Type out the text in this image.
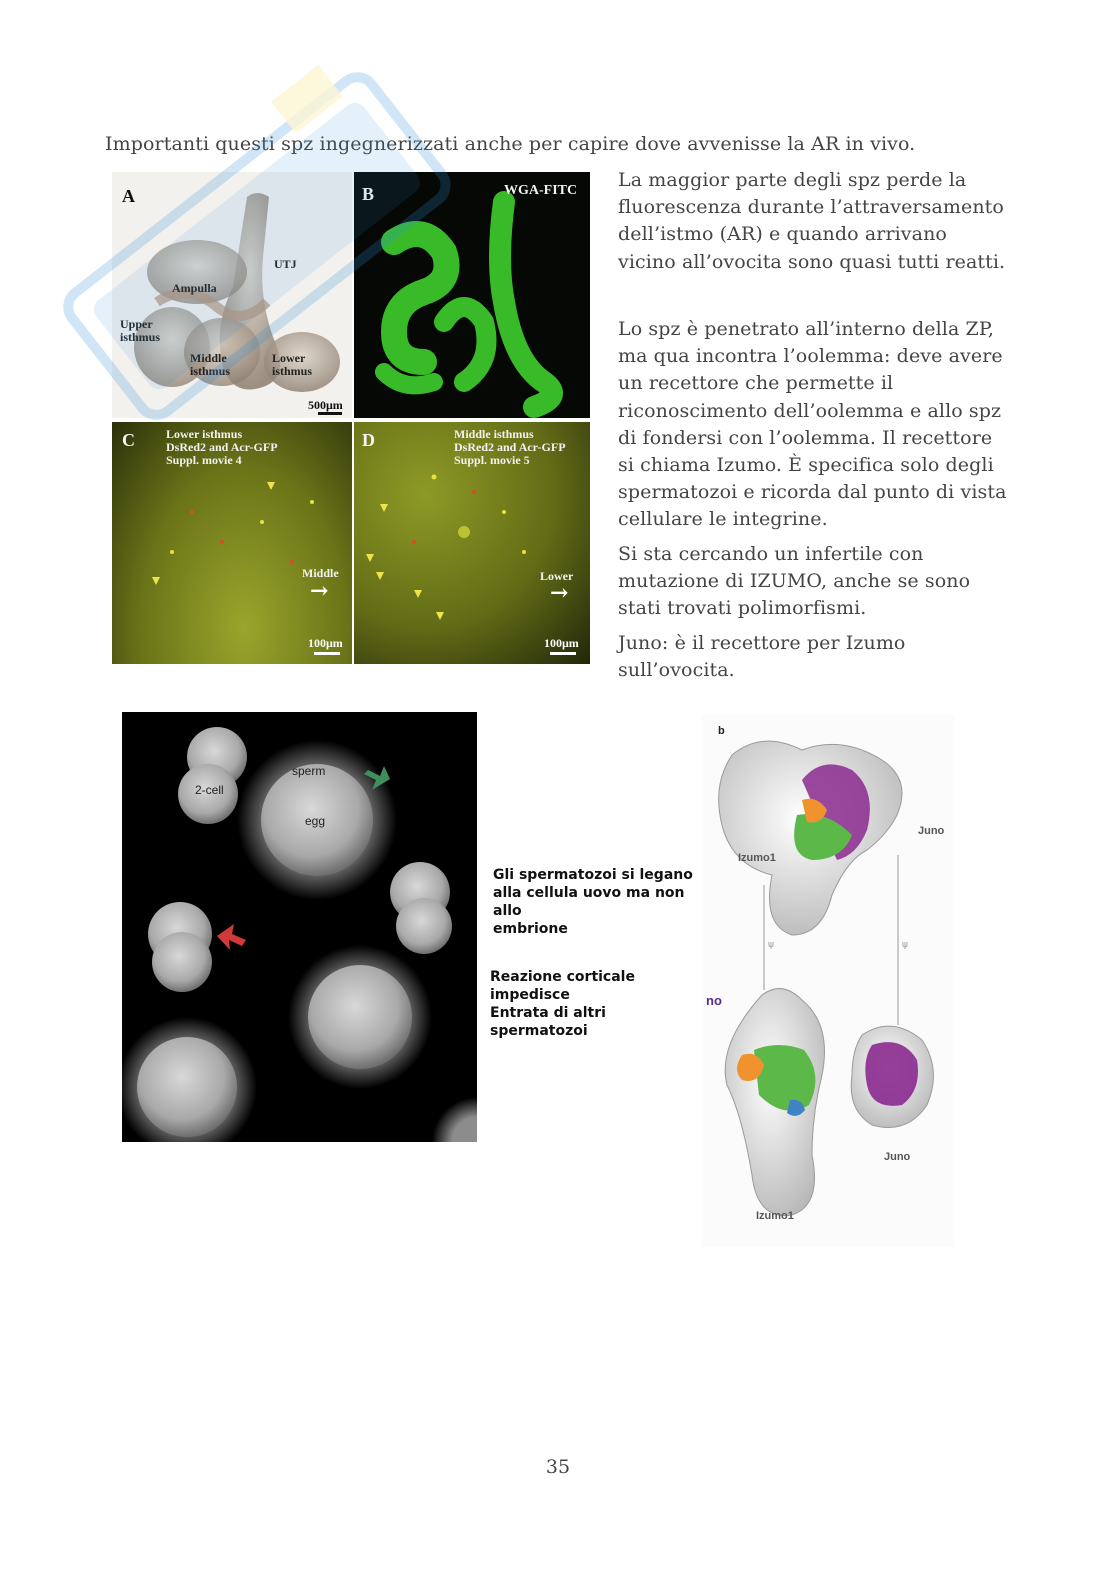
Importanti questi spz ingegnerizzati anche per capire dove avvenisse la AR in vivo.

A
UTJ
Ampulla
Upper isthmus
Middle isthmus
Lower isthmus
500μm
B	WGA-FITC
C	Lower isthmus
DsRed2 and Acr-GFP
Suppl. movie 4
Middle
→
100μm
D	Middle isthmus
DsRed2 and Acr-GFP
Suppl. movie 5
Lower
→
100μm

La maggior parte degli spz perde la fluorescenza durante l’attraversamento dell’istmo (AR) e quando arrivano vicino all’ovocita sono quasi tutti reatti.

Lo spz è penetrato all’interno della ZP, ma qua incontra l’oolemma: deve avere un recettore che permette il riconoscimento dell’oolemma e allo spz di fondersi con l’oolemma. Il recettore si chiama Izumo. È specifica solo degli spermatozoi e ricorda dal punto di vista cellulare le integrine.

Si sta cercando un infertile con mutazione di IZUMO, anche se sono stati trovati polimorfismi.

Juno: è il recettore per Izumo sull’ovocita.

2-cell
sperm
egg
Gli spermatozoi si legano
alla cellula uovo ma non allo
embrione
Reazione corticale impedisce
Entrata di altri spermatozoi
ψ	ψ
b
Juno
Izumo1
Juno
Izumo1
no
35
